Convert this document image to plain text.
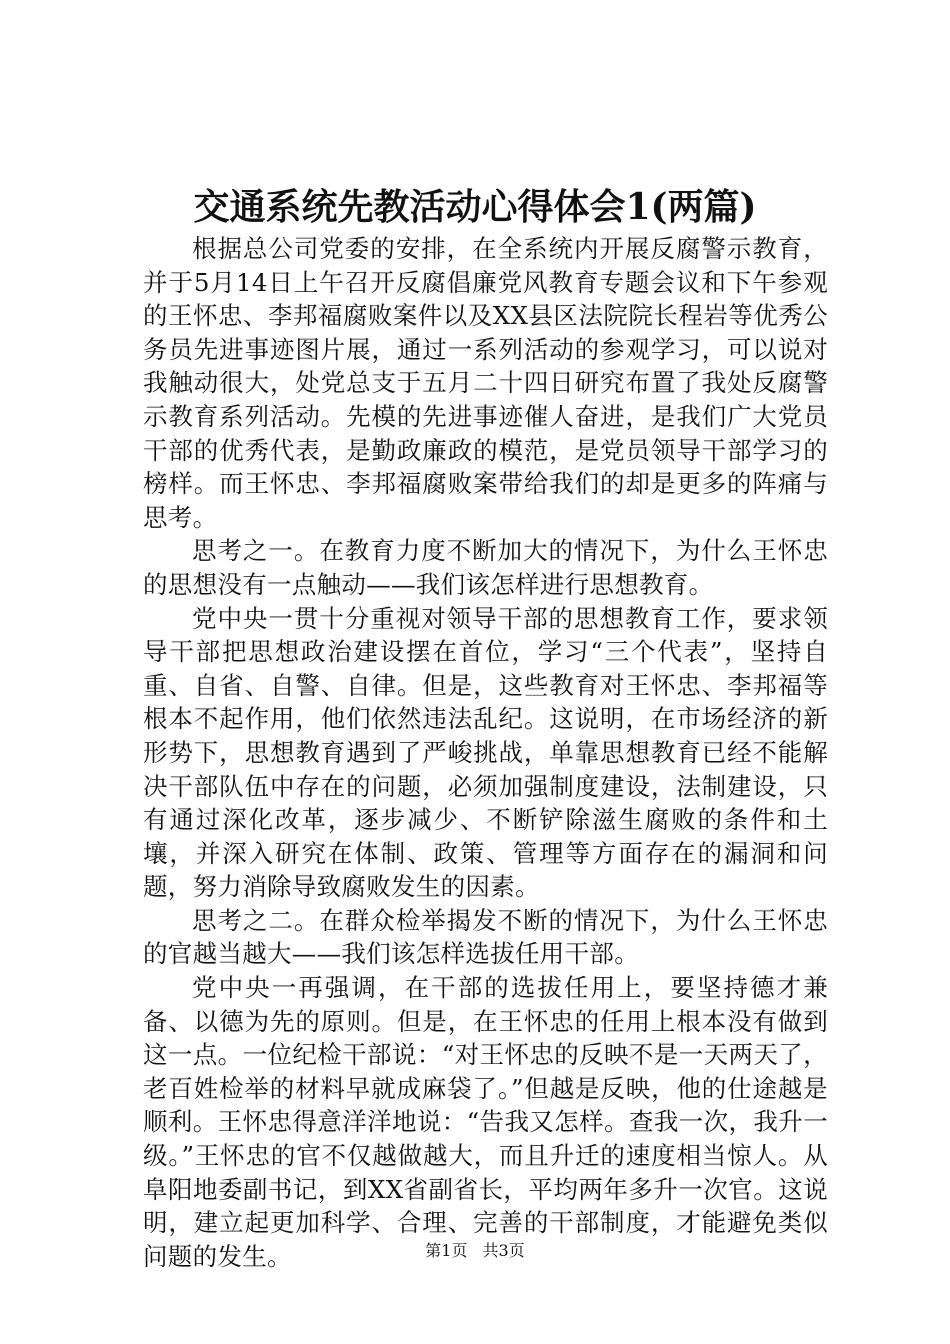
交通系统先教活动心得体会1(两篇)

根据总公司党委的安排，在全系统内开展反腐警示教育，并于5月14日上午召开反腐倡廉党风教育专题会议和下午参观的王怀忠、李邦福腐败案件以及XX县区法院院长程岩等优秀公务员先进事迹图片展，通过一系列活动的参观学习，可以说对我触动很大，处党总支于五月二十四日研究布置了我处反腐警示教育系列活动。先模的先进事迹催人奋进，是我们广大党员干部的优秀代表，是勤政廉政的模范，是党员领导干部学习的榜样。而王怀忠、李邦福腐败案带给我们的却是更多的阵痛与思考。

思考之一。在教育力度不断加大的情况下，为什么王怀忠的思想没有一点触动——我们该怎样进行思想教育。

党中央一贯十分重视对领导干部的思想教育工作，要求领导干部把思想政治建设摆在首位，学习“三个代表”，坚持自重、自省、自警、自律。但是，这些教育对王怀忠、李邦福等根本不起作用，他们依然违法乱纪。这说明，在市场经济的新形势下，思想教育遇到了严峻挑战，单靠思想教育已经不能解决干部队伍中存在的问题，必须加强制度建设，法制建设，只有通过深化改革，逐步减少、不断铲除滋生腐败的条件和土壤，并深入研究在体制、政策、管理等方面存在的漏洞和问题，努力消除导致腐败发生的因素。

思考之二。在群众检举揭发不断的情况下，为什么王怀忠的官越当越大——我们该怎样选拔任用干部。

党中央一再强调，在干部的选拔任用上，要坚持德才兼备、以德为先的原则。但是，在王怀忠的任用上根本没有做到这一点。一位纪检干部说：“对王怀忠的反映不是一天两天了，老百姓检举的材料早就成麻袋了。”但越是反映，他的仕途越是顺利。王怀忠得意洋洋地说：“告我又怎样。查我一次，我升一级。”王怀忠的官不仅越做越大，而且升迁的速度相当惊人。从阜阳地委副书记，到XX省副省长，平均两年多升一次官。这说明，建立起更加科学、合理、完善的干部制度，才能避免类似问题的发生。	第1页 共3页
